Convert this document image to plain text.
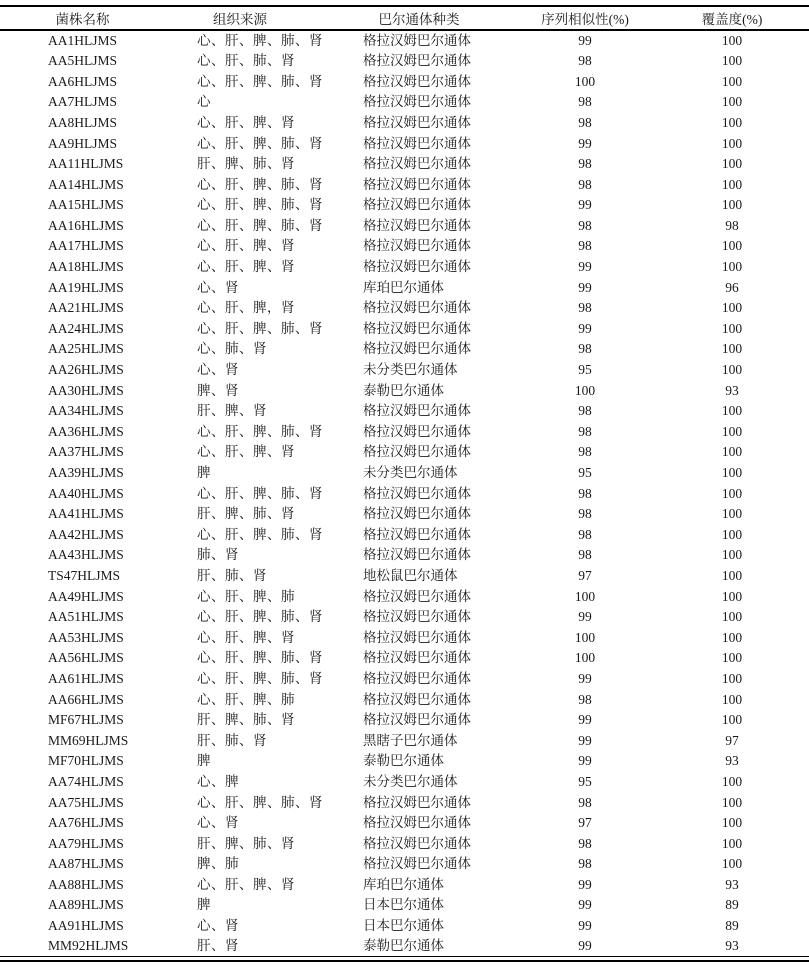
菌株名称	组织来源	巴尔通体种类	序列相似性(%)	覆盖度(%)
AA1HLJMS	心、肝、脾、肺、肾	格拉汉姆巴尔通体	99	100
AA5HLJMS	心、肝、肺、肾	格拉汉姆巴尔通体	98	100
AA6HLJMS	心、肝、脾、肺、肾	格拉汉姆巴尔通体	100	100
AA7HLJMS	心	格拉汉姆巴尔通体	98	100
AA8HLJMS	心、肝、脾、肾	格拉汉姆巴尔通体	98	100
AA9HLJMS	心、肝、脾、肺、肾	格拉汉姆巴尔通体	99	100
AA11HLJMS	肝、脾、肺、肾	格拉汉姆巴尔通体	98	100
AA14HLJMS	心、肝、脾、肺、肾	格拉汉姆巴尔通体	98	100
AA15HLJMS	心、肝、脾、肺、肾	格拉汉姆巴尔通体	99	100
AA16HLJMS	心、肝、脾、肺、肾	格拉汉姆巴尔通体	98	98
AA17HLJMS	心、肝、脾、肾	格拉汉姆巴尔通体	98	100
AA18HLJMS	心、肝、脾、肾	格拉汉姆巴尔通体	99	100
AA19HLJMS	心、肾	库珀巴尔通体	99	96
AA21HLJMS	心、肝、脾，肾	格拉汉姆巴尔通体	98	100
AA24HLJMS	心、肝、脾、肺、肾	格拉汉姆巴尔通体	99	100
AA25HLJMS	心、肺、肾	格拉汉姆巴尔通体	98	100
AA26HLJMS	心、肾	未分类巴尔通体	95	100
AA30HLJMS	脾、肾	泰勒巴尔通体	100	93
AA34HLJMS	肝、脾、肾	格拉汉姆巴尔通体	98	100
AA36HLJMS	心、肝、脾、肺、肾	格拉汉姆巴尔通体	98	100
AA37HLJMS	心、肝、脾、肾	格拉汉姆巴尔通体	98	100
AA39HLJMS	脾	未分类巴尔通体	95	100
AA40HLJMS	心、肝、脾、肺、肾	格拉汉姆巴尔通体	98	100
AA41HLJMS	肝、脾、肺、肾	格拉汉姆巴尔通体	98	100
AA42HLJMS	心、肝、脾、肺、肾	格拉汉姆巴尔通体	98	100
AA43HLJMS	肺、肾	格拉汉姆巴尔通体	98	100
TS47HLJMS	肝、肺、肾	地松鼠巴尔通体	97	100
AA49HLJMS	心、肝、脾、肺	格拉汉姆巴尔通体	100	100
AA51HLJMS	心、肝、脾、肺、肾	格拉汉姆巴尔通体	99	100
AA53HLJMS	心、肝、脾、肾	格拉汉姆巴尔通体	100	100
AA56HLJMS	心、肝、脾、肺、肾	格拉汉姆巴尔通体	100	100
AA61HLJMS	心、肝、脾、肺、肾	格拉汉姆巴尔通体	99	100
AA66HLJMS	心、肝、脾、肺	格拉汉姆巴尔通体	98	100
MF67HLJMS	肝、脾、肺、肾	格拉汉姆巴尔通体	99	100
MM69HLJMS	肝、肺、肾	黑瞎子巴尔通体	99	97
MF70HLJMS	脾	泰勒巴尔通体	99	93
AA74HLJMS	心、脾	未分类巴尔通体	95	100
AA75HLJMS	心、肝、脾、肺、肾	格拉汉姆巴尔通体	98	100
AA76HLJMS	心、肾	格拉汉姆巴尔通体	97	100
AA79HLJMS	肝、脾、肺、肾	格拉汉姆巴尔通体	98	100
AA87HLJMS	脾、肺	格拉汉姆巴尔通体	98	100
AA88HLJMS	心、肝、脾、肾	库珀巴尔通体	99	93
AA89HLJMS	脾	日本巴尔通体	99	89
AA91HLJMS	心、肾	日本巴尔通体	99	89
MM92HLJMS	肝、肾	泰勒巴尔通体	99	93
